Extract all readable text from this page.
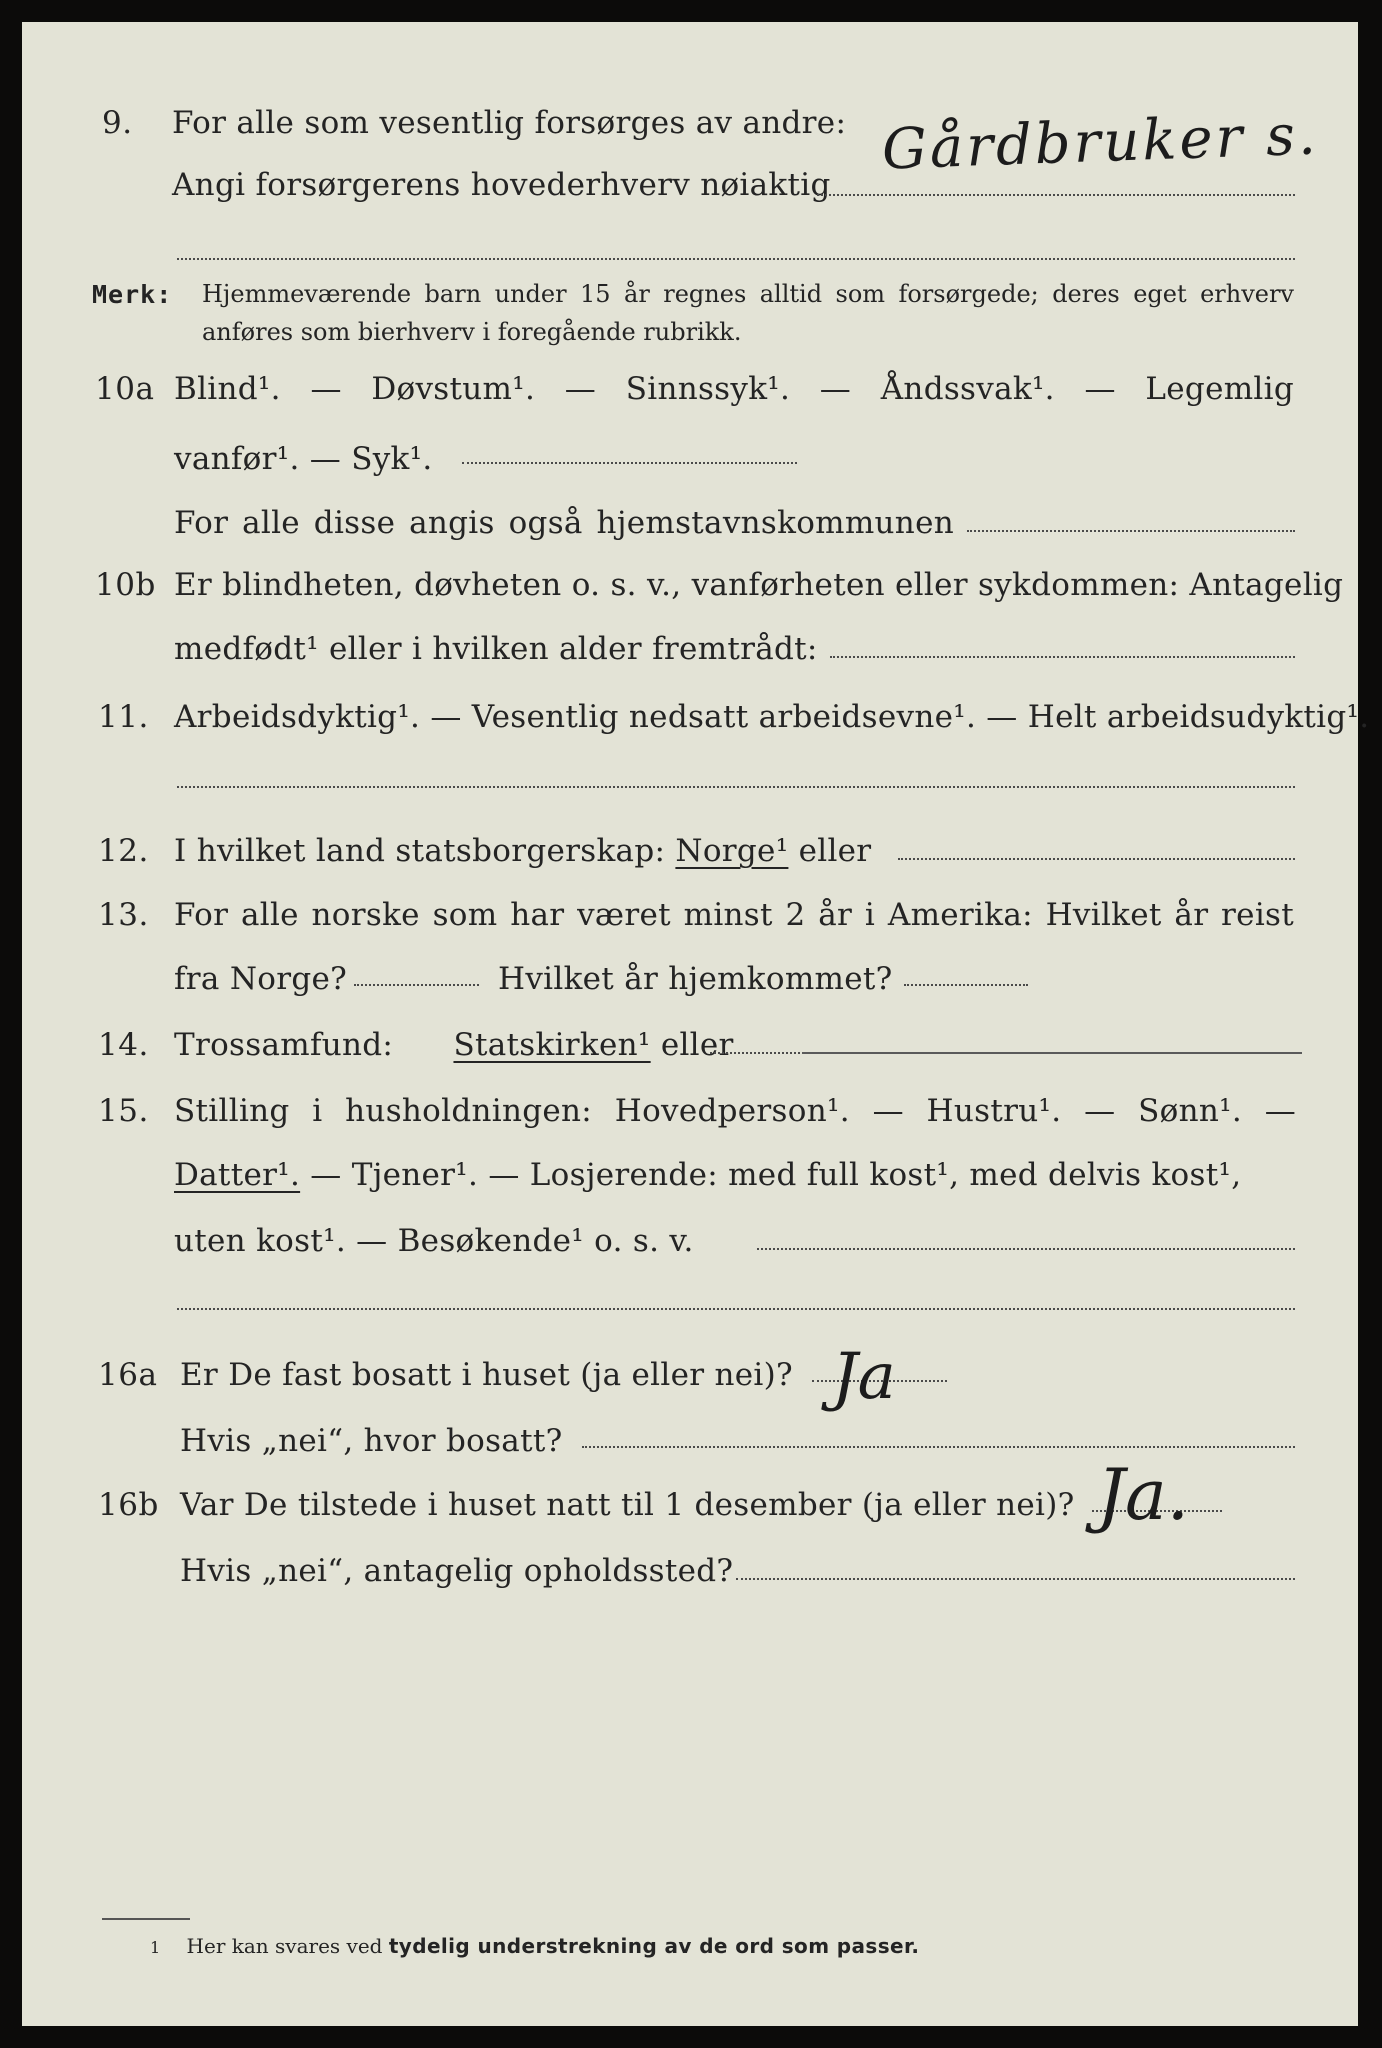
9. For alle som vesentlig forsørges av andre:
Angi forsørgerens hovederhverv nøiaktig
Gårdbruker s.
Merk: Hjemmeværende barn under 15 år regnes alltid som forsørgede; deres eget erhverv
anføres som bierhverv i foregående rubrikk.
10a Blind¹. — Døvstum¹. — Sinnssyk¹. — Åndssvak¹. — Legemlig
vanfør¹. — Syk¹.
For alle disse angis også hjemstavnskommunen
10b Er blindheten, døvheten o. s. v., vanførheten eller sykdommen: Antagelig
medfødt¹ eller i hvilken alder fremtrådt:
11. Arbeidsdyktig¹. — Vesentlig nedsatt arbeidsevne¹. — Helt arbeidsudyktig¹.
12. I hvilket land statsborgerskap: Norge¹ eller
13. For alle norske som har været minst 2 år i Amerika: Hvilket år reist
fra Norge?	Hvilket år hjemkommet?
14. Trossamfund: Statskirken¹ eller
15. Stilling i husholdningen: Hovedperson¹. — Hustru¹. — Sønn¹. —
Datter¹. — Tjener¹. — Losjerende: med full kost¹, med delvis kost¹,
uten kost¹. — Besøkende¹ o. s. v.
16a Er De fast bosatt i huset (ja eller nei)? Ja
Hvis „nei“, hvor bosatt?
16b Var De tilstede i huset natt til 1 desember (ja eller nei)? Ja.
Hvis „nei“, antagelig opholdssted?
1 Her kan svares ved tydelig understrekning av de ord som passer.
